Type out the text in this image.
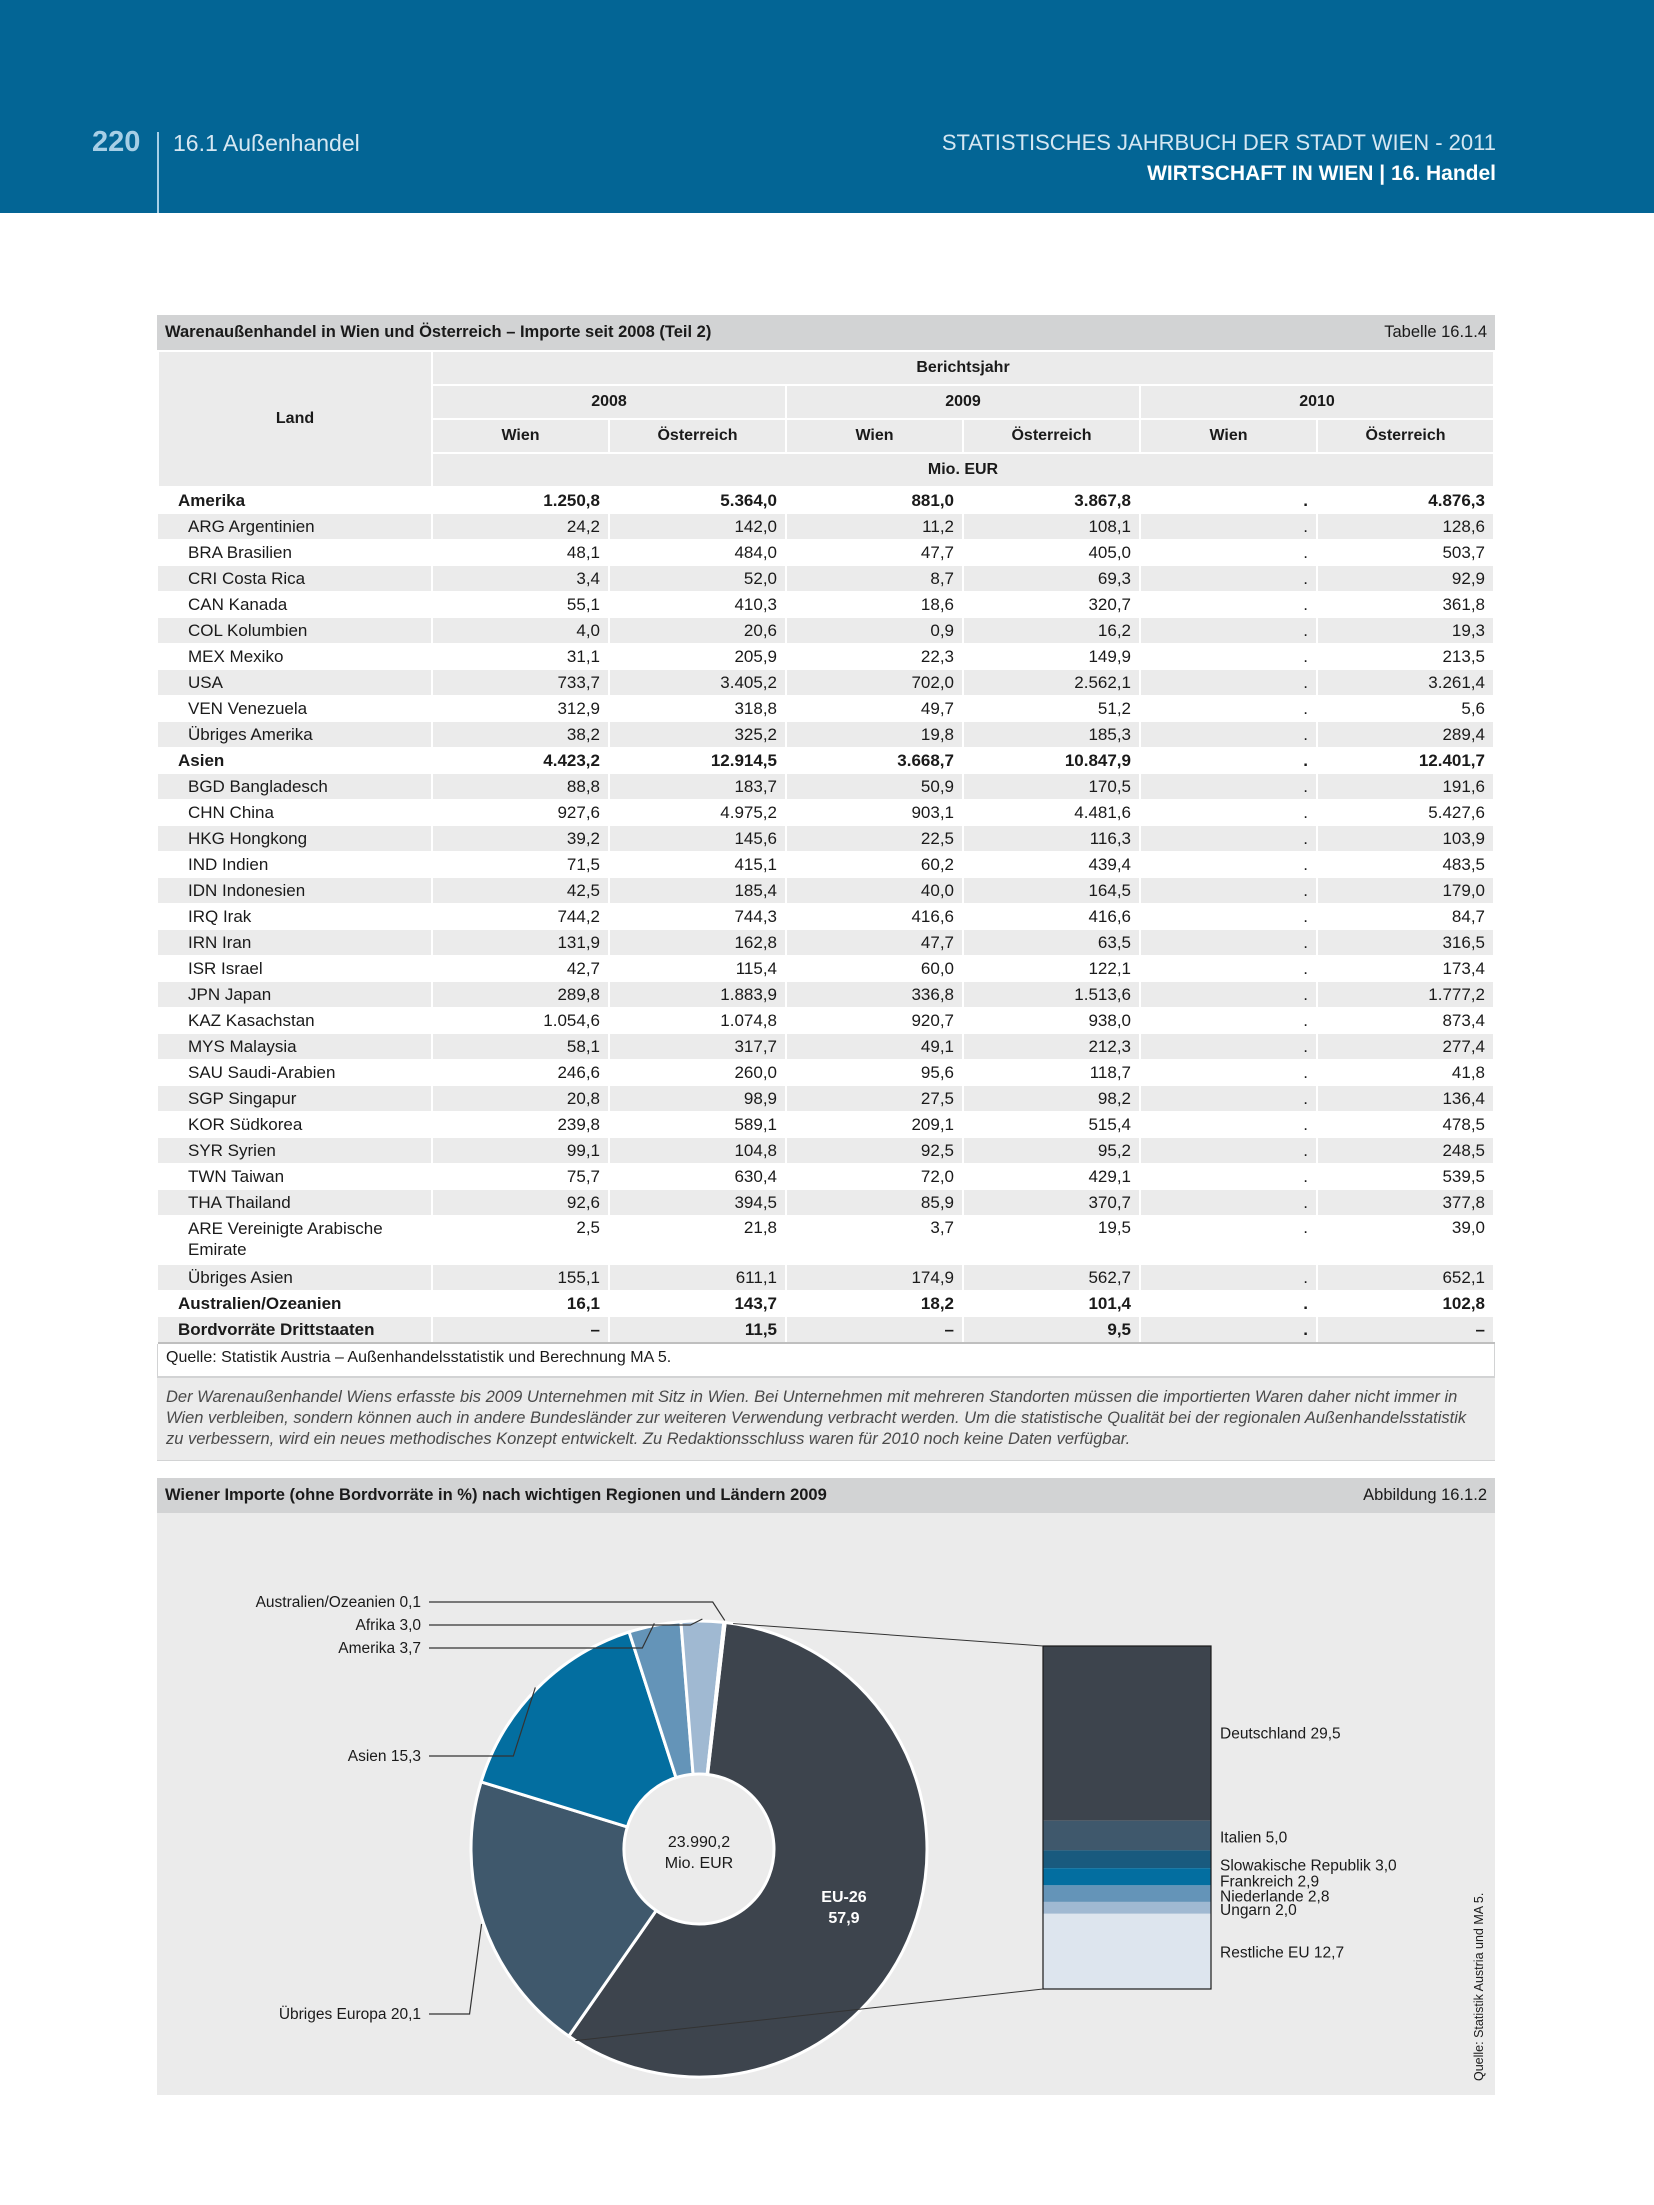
220 16.1 Außenhandel	STATISTISCHES JAHRBUCH DER STADT WIEN - 2011
WIRTSCHAFT IN WIEN | 16. Handel
Warenaußenhandel in Wien und Österreich – Importe seit 2008 (Teil 2)	Tabelle 16.1.4
Land	Berichtsjahr					
	2008		2009		2010	
	Wien	Österreich	Wien	Österreich	Wien	Österreich
	Mio. EUR					
Amerika	1.250,8	5.364,0	881,0	3.867,8	.	4.876,3
ARG Argentinien	24,2	142,0	11,2	108,1	.	128,6
BRA Brasilien	48,1	484,0	47,7	405,0	.	503,7
CRI Costa Rica	3,4	52,0	8,7	69,3	.	92,9
CAN Kanada	55,1	410,3	18,6	320,7	.	361,8
COL Kolumbien	4,0	20,6	0,9	16,2	.	19,3
MEX Mexiko	31,1	205,9	22,3	149,9	.	213,5
USA	733,7	3.405,2	702,0	2.562,1	.	3.261,4
VEN Venezuela	312,9	318,8	49,7	51,2	.	5,6
Übriges Amerika	38,2	325,2	19,8	185,3	.	289,4
Asien	4.423,2	12.914,5	3.668,7	10.847,9	.	12.401,7
BGD Bangladesch	88,8	183,7	50,9	170,5	.	191,6
CHN China	927,6	4.975,2	903,1	4.481,6	.	5.427,6
HKG Hongkong	39,2	145,6	22,5	116,3	.	103,9
IND Indien	71,5	415,1	60,2	439,4	.	483,5
IDN Indonesien	42,5	185,4	40,0	164,5	.	179,0
IRQ Irak	744,2	744,3	416,6	416,6	.	84,7
IRN Iran	131,9	162,8	47,7	63,5	.	316,5
ISR Israel	42,7	115,4	60,0	122,1	.	173,4
JPN Japan	289,8	1.883,9	336,8	1.513,6	.	1.777,2
KAZ Kasachstan	1.054,6	1.074,8	920,7	938,0	.	873,4
MYS Malaysia	58,1	317,7	49,1	212,3	.	277,4
SAU Saudi-Arabien	246,6	260,0	95,6	118,7	.	41,8
SGP Singapur	20,8	98,9	27,5	98,2	.	136,4
KOR Südkorea	239,8	589,1	209,1	515,4	.	478,5
SYR Syrien	99,1	104,8	92,5	95,2	.	248,5
TWN Taiwan	75,7	630,4	72,0	429,1	.	539,5
THA Thailand	92,6	394,5	85,9	370,7	.	377,8
ARE Vereinigte Arabische Emirate	2,5	21,8	3,7	19,5	.	39,0
Übriges Asien	155,1	611,1	174,9	562,7	.	652,1
Australien/Ozeanien	16,1	143,7	18,2	101,4	.	102,8
Bordvorräte Drittstaaten	–	11,5	–	9,5	.	–
Quelle: Statistik Austria – Außenhandelsstatistik und Berechnung MA 5.
Der Warenaußenhandel Wiens erfasste bis 2009 Unternehmen mit Sitz in Wien. Bei Unternehmen mit mehreren Standorten müssen die importierten Waren daher nicht immer in Wien verbleiben, sondern können auch in andere Bundesländer zur weiteren Verwendung verbracht werden. Um die statistische Qualität bei der regionalen Außenhandelsstatistik zu verbessern, wird ein neues methodisches Konzept entwickelt. Zu Redaktionsschluss waren für 2010 noch keine Daten verfügbar.
Wiener Importe (ohne Bordvorräte in %) nach wichtigen Regionen und Ländern 2009	Abbildung 16.1.2
23.990,2
Mio. EUR
EU-26
57,9
Übriges Europa 20,1
Asien 15,3
Amerika 3,7
Afrika 3,0
Australien/Ozeanien 0,1
Deutschland 29,5
Italien 5,0
Slowakische Republik 3,0
Frankreich 2,9
Niederlande 2,8
Ungarn 2,0
Restliche EU 12,7	Quelle: Statistik Austria und MA 5.
